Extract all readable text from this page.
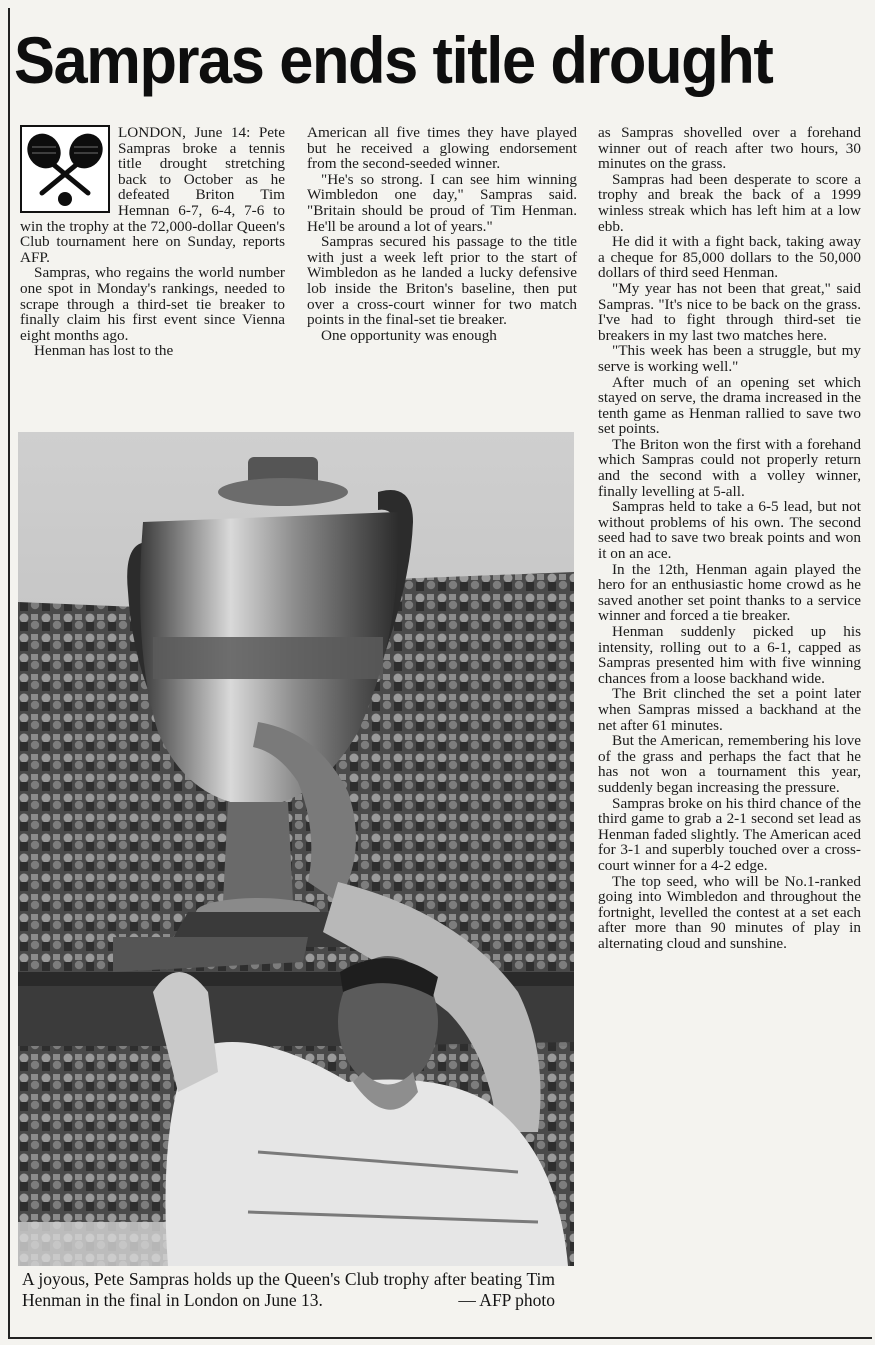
Sampras ends title drought

LONDON, June 14: Pete Sampras broke a tennis title drought stretching back to October as he defeated Briton Tim Hemnan 6-7, 6-4, 7-6 to win the trophy at the 72,000-dollar Queen's Club tournament here on Sunday, reports AFP.

Sampras, who regains the world number one spot in Monday's rankings, needed to scrape through a third-set tie breaker to finally claim his first event since Vienna eight months ago.

Henman has lost to the

American all five times they have played but he received a glowing endorsement from the second-seeded winner.

"He's so strong. I can see him winning Wimbledon one day," Sampras said. "Britain should be proud of Tim Henman. He'll be around a lot of years."

Sampras secured his passage to the title with just a week left prior to the start of Wimbledon as he landed a lucky defensive lob inside the Briton's baseline, then put over a cross-court winner for two match points in the final-set tie breaker.

One opportunity was enough

as Sampras shovelled over a forehand winner out of reach after two hours, 30 minutes on the grass.

Sampras had been desperate to score a trophy and break the back of a 1999 winless streak which has left him at a low ebb.

He did it with a fight back, taking away a cheque for 85,000 dollars to the 50,000 dollars of third seed Henman.

"My year has not been that great," said Sampras. "It's nice to be back on the grass. I've had to fight through third-set tie breakers in my last two matches here.

"This week has been a struggle, but my serve is working well."

After much of an opening set which stayed on serve, the drama increased in the tenth game as Henman rallied to save two set points.

The Briton won the first with a forehand which Sampras could not properly return and the second with a volley winner, finally levelling at 5-all.

Sampras held to take a 6-5 lead, but not without problems of his own. The second seed had to save two break points and won it on an ace.

In the 12th, Henman again played the hero for an enthusiastic home crowd as he saved another set point thanks to a service winner and forced a tie breaker.

Henman suddenly picked up his intensity, rolling out to a 6-1, capped as Sampras presented him with five winning chances from a loose backhand wide.

The Brit clinched the set a point later when Sampras missed a backhand at the net after 61 minutes.

But the American, remembering his love of the grass and perhaps the fact that he has not won a tournament this year, suddenly began increasing the pressure.

Sampras broke on his third chance of the third game to grab a 2-1 second set lead as Henman faded slightly. The American aced for 3-1 and superbly touched over a cross-court winner for a 4-2 edge.

The top seed, who will be No.1-ranked going into Wimbledon and throughout the fortnight, levelled the contest at a set each after more than 90 minutes of play in alternating cloud and sunshine.

A joyous, Pete Sampras holds up the Queen's Club trophy after beating Tim Henman in the final in London on June 13.	— AFP photo
